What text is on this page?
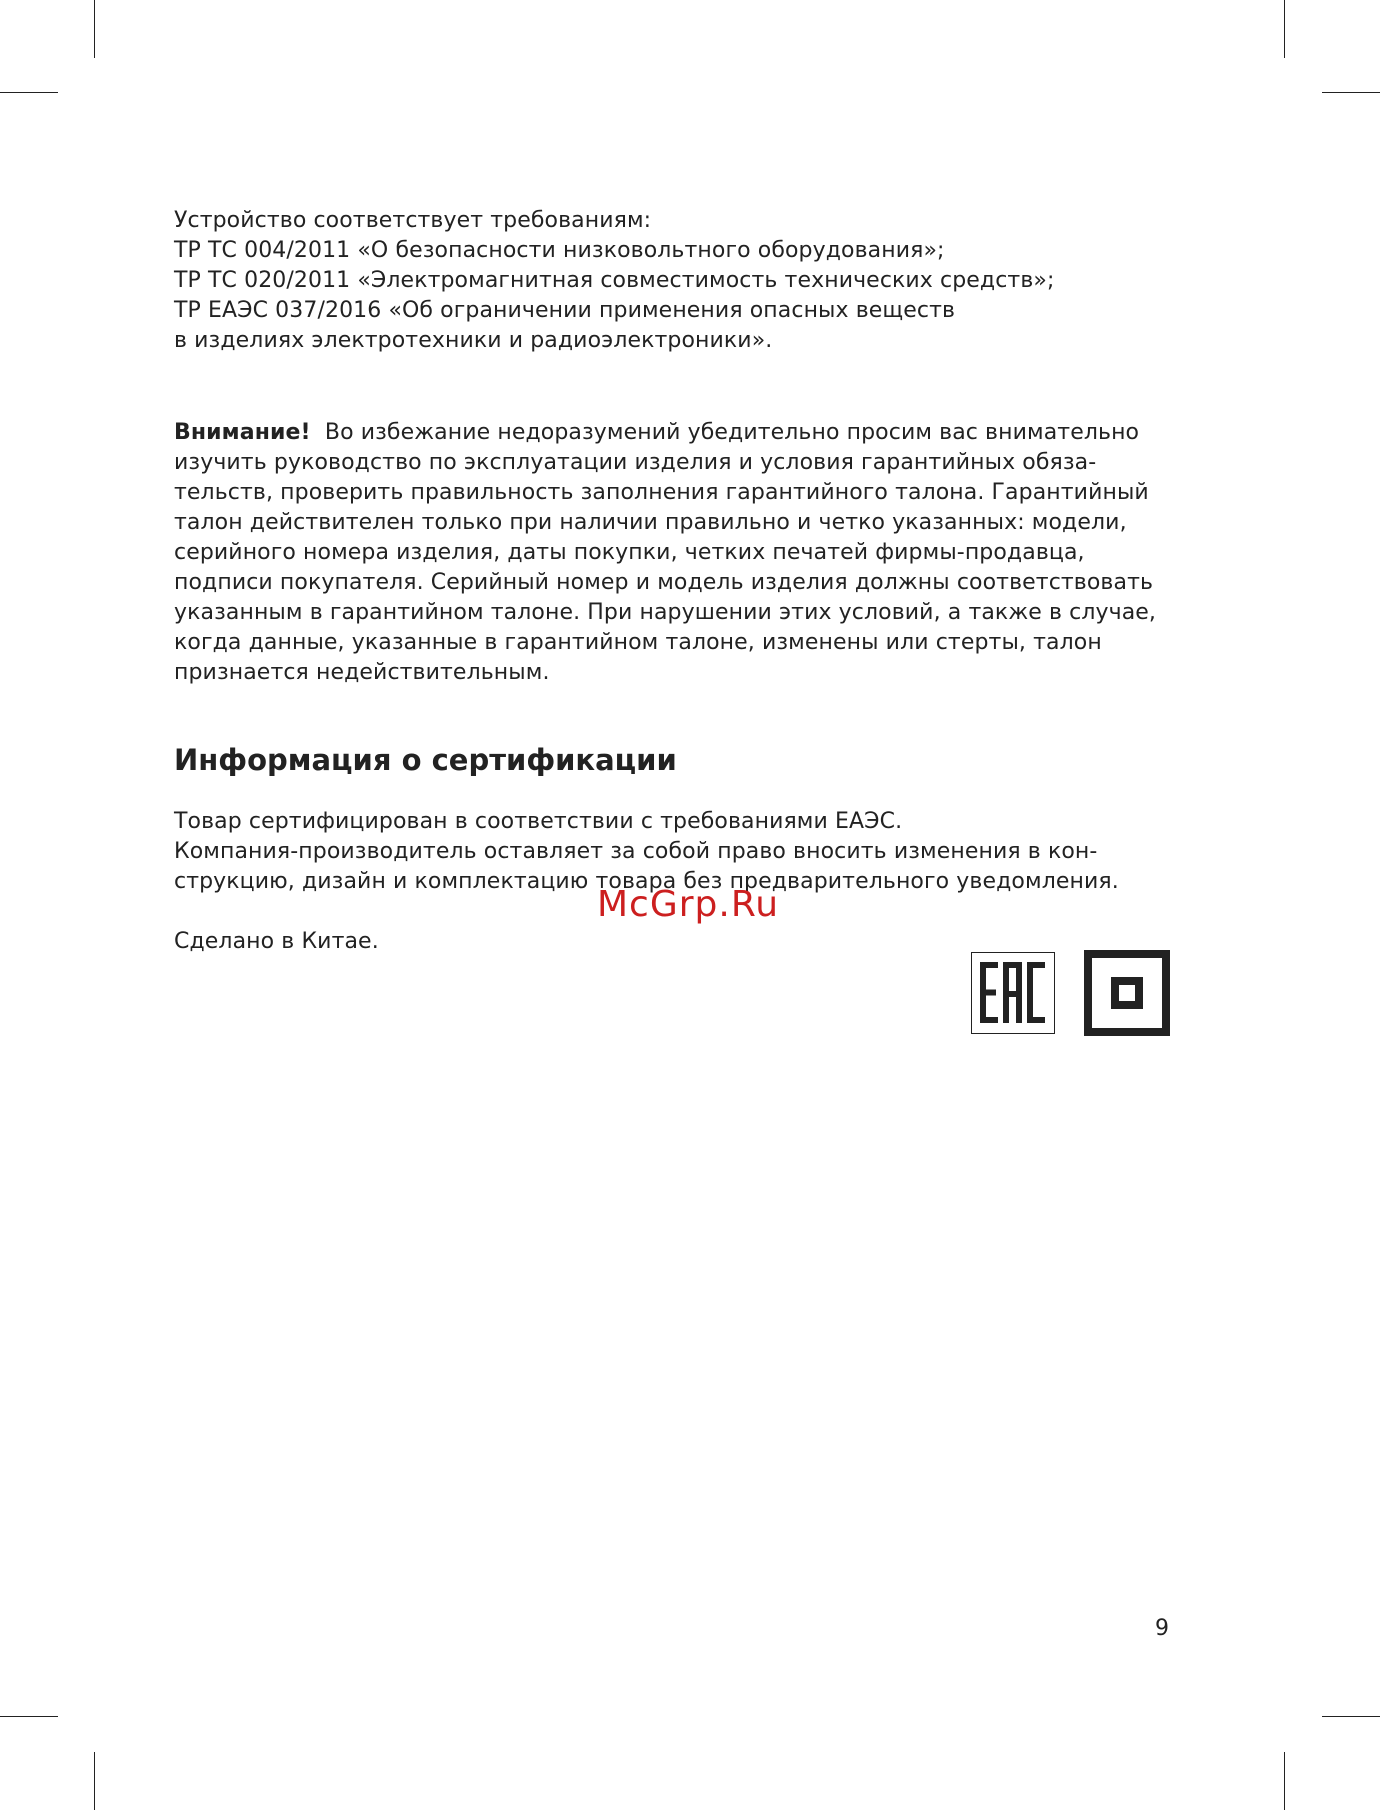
Устройство соответствует требованиям:
ТР ТС 004/2011 «О безопасности низковольтного оборудования»;
ТР ТС 020/2011 «Электромагнитная совместимость технических средств»;
ТР ЕАЭС 037/2016 «Об ограничении применения опасных веществ
в изделиях электротехники и радиоэлектроники».
Внимание! Во избежание недоразумений убедительно просим вас внимательно
изучить руководство по эксплуатации изделия и условия гарантийных обяза-
тельств, проверить правильность заполнения гарантийного талона. Гарантийный
талон действителен только при наличии правильно и четко указанных: модели,
серийного номера изделия, даты покупки, четких печатей фирмы-продавца,
подписи покупателя. Серийный номер и модель изделия должны соответствовать
указанным в гарантийном талоне. При нарушении этих условий, а также в случае,
когда данные, указанные в гарантийном талоне, изменены или стерты, талон
признается недействительным.
Информация о сертификации
Товар сертифицирован в соответствии с требованиями ЕАЭС.
Компания-производитель оставляет за собой право вносить изменения в кон-
струкцию, дизайн и комплектацию товара без предварительного уведомления.
McGrp.Ru
Сделано в Китае.
9
